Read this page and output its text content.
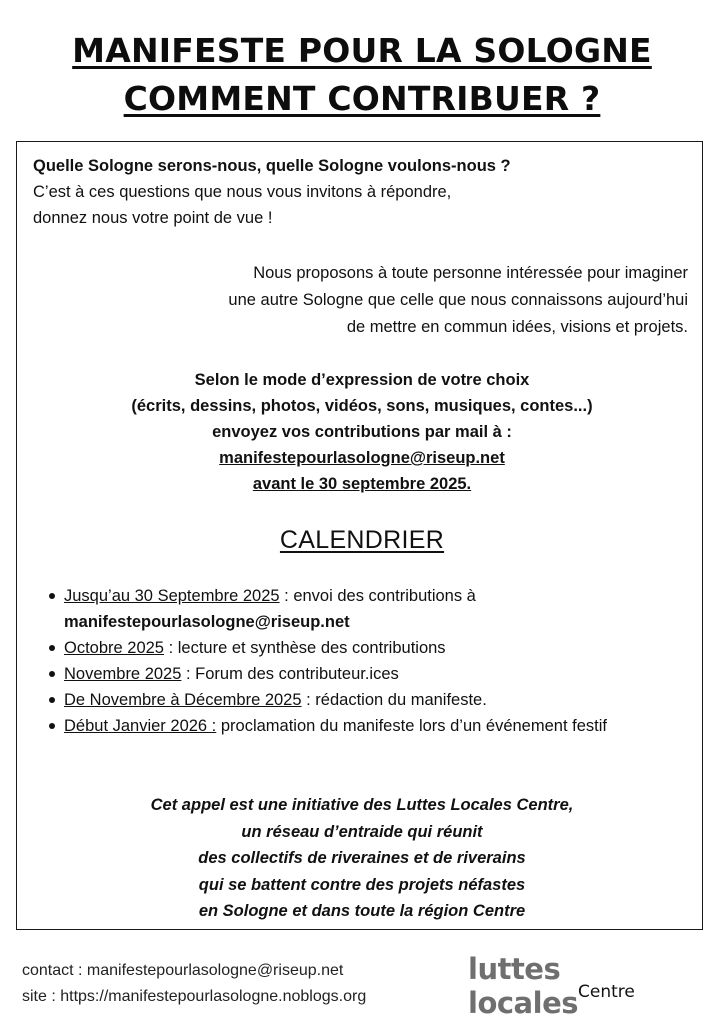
MANIFESTE POUR LA SOLOGNE
COMMENT CONTRIBUER ?
Quelle Sologne serons-nous, quelle Sologne voulons-nous ?
C’est à ces questions que nous vous invitons à répondre,
donnez nous votre point de vue !
Nous proposons à toute personne intéressée pour imaginer
une autre Sologne que celle que nous connaissons aujourd’hui
de mettre en commun idées, visions et projets.
Selon le mode d’expression de votre choix
(écrits, dessins, photos, vidéos, sons, musiques, contes...)
envoyez vos contributions par mail à :
manifestepourlasologne@riseup.net
avant le 30 septembre 2025.
CALENDRIER
Jusqu’au 30 Septembre 2025 : envoi des contributions à
manifestepourlasologne@riseup.net
Octobre 2025 : lecture et synthèse des contributions
Novembre 2025 : Forum des contributeur.ices
De Novembre à Décembre 2025 : rédaction du manifeste.
Début Janvier 2026 : proclamation du manifeste lors d’un événement festif
Cet appel est une initiative des Luttes Locales Centre,
un réseau d’entraide qui réunit
des collectifs de riveraines et de riverains
qui se battent contre des projets néfastes
en Sologne et dans toute la région Centre
contact : manifestepourlasologne@riseup.net
site : https://manifestepourlasologne.noblogs.org
luttes locales Centre
